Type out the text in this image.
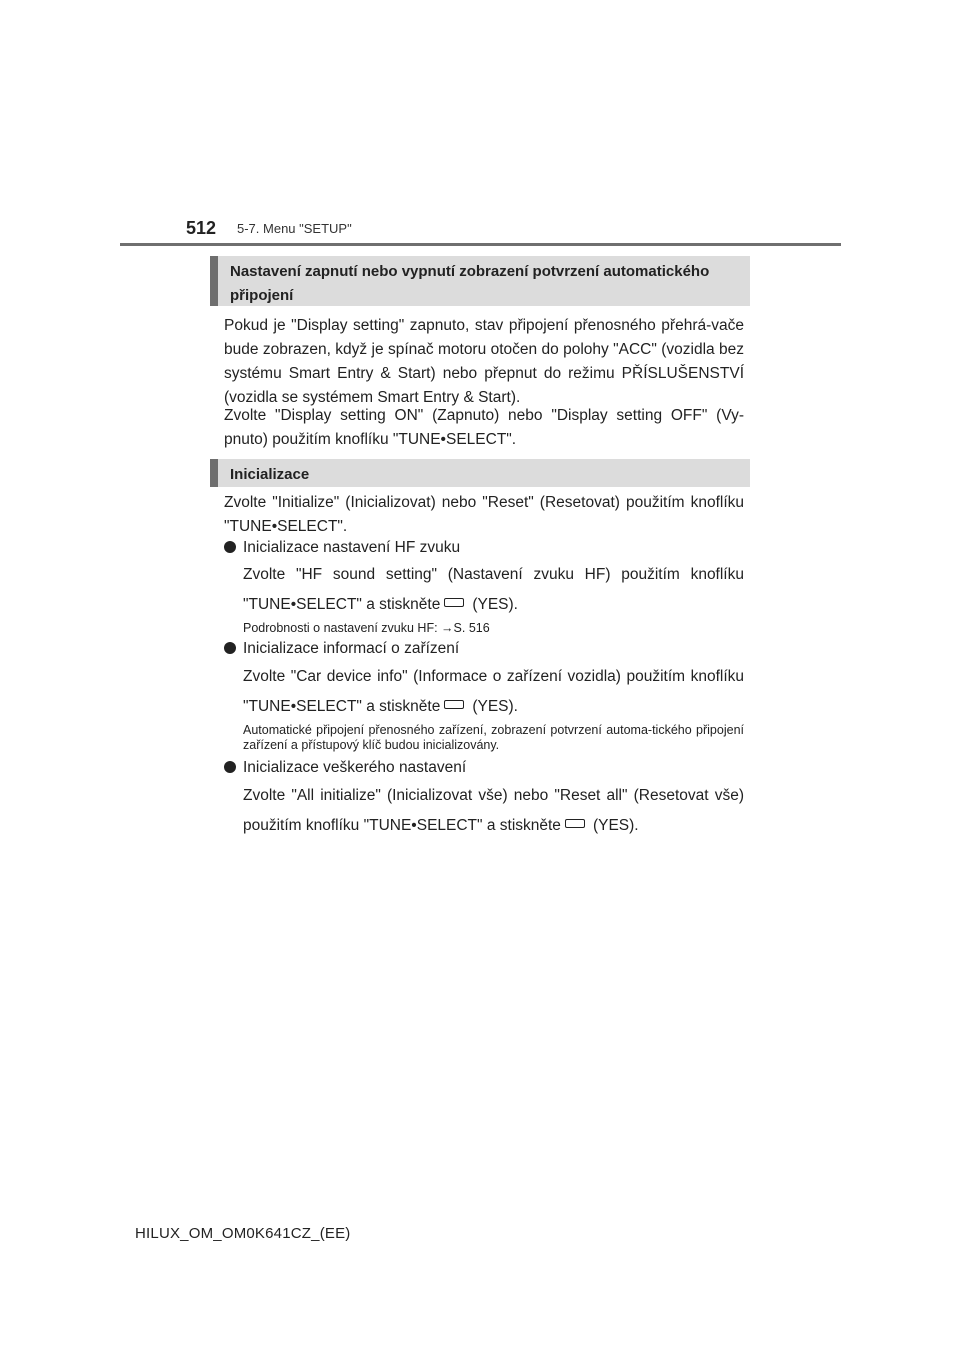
512 5-7. Menu "SETUP"
Nastavení zapnutí nebo vypnutí zobrazení potvrzení automatického připojení
Pokud je "Display setting" zapnuto, stav připojení přenosného přehrá-vače bude zobrazen, když je spínač motoru otočen do polohy "ACC" (vozidla bez systému Smart Entry & Start) nebo přepnut do režimu PŘÍSLUŠENSTVÍ (vozidla se systémem Smart Entry & Start).
Zvolte "Display setting ON" (Zapnuto) nebo "Display setting OFF" (Vy-pnuto) použitím knoflíku "TUNE•SELECT".
Inicializace
Zvolte "Initialize" (Inicializovat) nebo "Reset" (Resetovat) použitím knoflíku "TUNE•SELECT".
Inicializace nastavení HF zvuku
Zvolte "HF sound setting" (Nastavení zvuku HF) použitím knoflíku "TUNE•SELECT" a stiskněte (YES).
Podrobnosti o nastavení zvuku HF: →S. 516
Inicializace informací o zařízení
Zvolte "Car device info" (Informace o zařízení vozidla) použitím knoflíku "TUNE•SELECT" a stiskněte (YES).
Automatické připojení přenosného zařízení, zobrazení potvrzení automa-tického připojení zařízení a přístupový klíč budou inicializovány.
Inicializace veškerého nastavení
Zvolte "All initialize" (Inicializovat vše) nebo "Reset all" (Resetovat vše) použitím knoflíku "TUNE•SELECT" a stiskněte (YES).
HILUX_OM_OM0K641CZ_(EE)
